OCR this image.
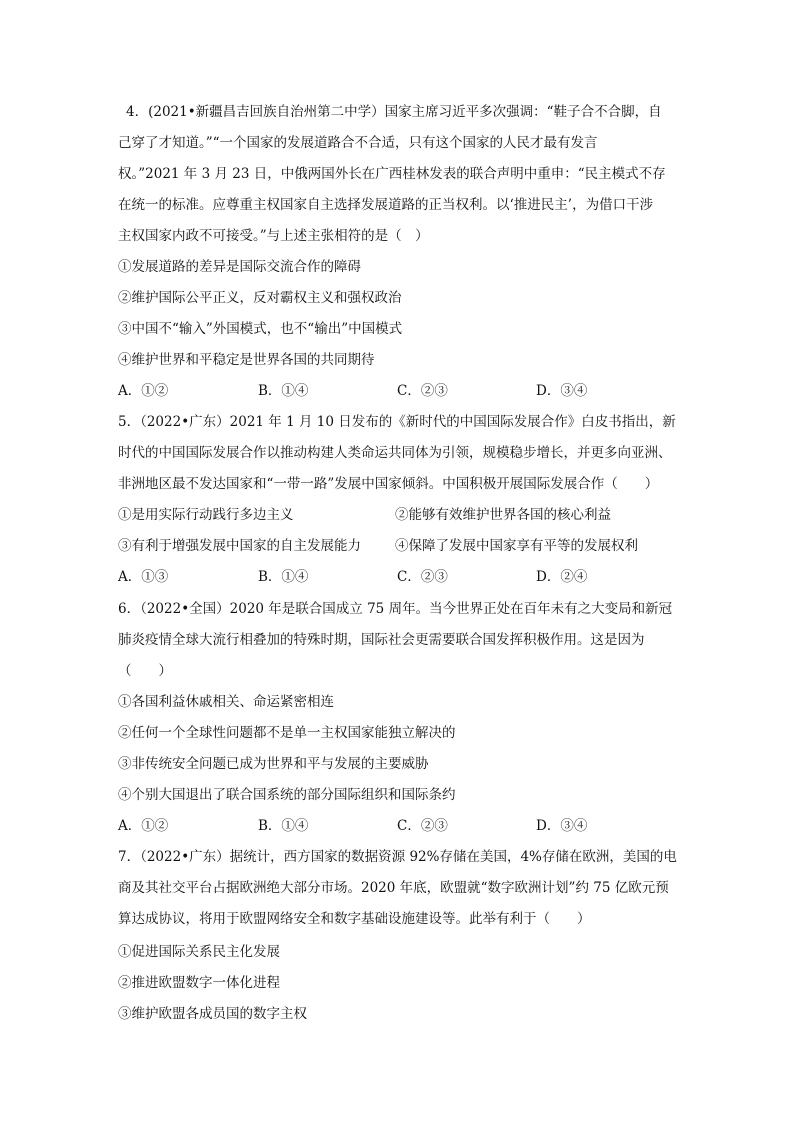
4．(2021•新疆昌吉回族自治州第二中学）国家主席习近平多次强调：“鞋子合不合脚，自
己穿了才知道。”“一个国家的发展道路合不合适，只有这个国家的人民才最有发言
权。”2021 年 3 月 23 日，中俄两国外长在广西桂林发表的联合声明中重申：“民主模式不存
在统一的标准。应尊重主权国家自主选择发展道路的正当权利。以‘推进民主’，为借口干涉
主权国家内政不可接受。”与上述主张相符的是（　）
①发展道路的差异是国际交流合作的障碍
②维护国际公平正义，反对霸权主义和强权政治
③中国不“输入”外国模式，也不“输出”中国模式
④维护世界和平稳定是世界各国的共同期待
A．①②	B．①④	C．②③	D．③④
5．（2022•广东）2021 年 1 月 10 日发布的《新时代的中国国际发展合作》白皮书指出，新
时代的中国国际发展合作以推动构建人类命运共同体为引领，规模稳步增长，并更多向亚洲、
非洲地区最不发达国家和“一带一路”发展中国家倾斜。中国积极开展国际发展合作（　　）
①是用实际行动践行多边主义	②能够有效维护世界各国的核心利益
③有利于增强发展中国家的自主发展能力	④保障了发展中国家享有平等的发展权利
A．①③	B．①④	C．②③	D．②④
6．（2022•全国）2020 年是联合国成立 75 周年。当今世界正处在百年未有之大变局和新冠
肺炎疫情全球大流行相叠加的特殊时期，国际社会更需要联合国发挥积极作用。这是因为
（　　）
①各国利益休戚相关、命运紧密相连
②任何一个全球性问题都不是单一主权国家能独立解决的
③非传统安全问题已成为世界和平与发展的主要威胁
④个别大国退出了联合国系统的部分国际组织和国际条约
A．①②	B．①④	C．②③	D．③④
7．（2022•广东）据统计，西方国家的数据资源 92%存储在美国，4%存储在欧洲，美国的电
商及其社交平台占据欧洲绝大部分市场。2020 年底，欧盟就“数字欧洲计划”约 75 亿欧元预
算达成协议，将用于欧盟网络安全和数字基础设施建设等。此举有利于（　　）
①促进国际关系民主化发展
②推进欧盟数字一体化进程
③维护欧盟各成员国的数字主权
